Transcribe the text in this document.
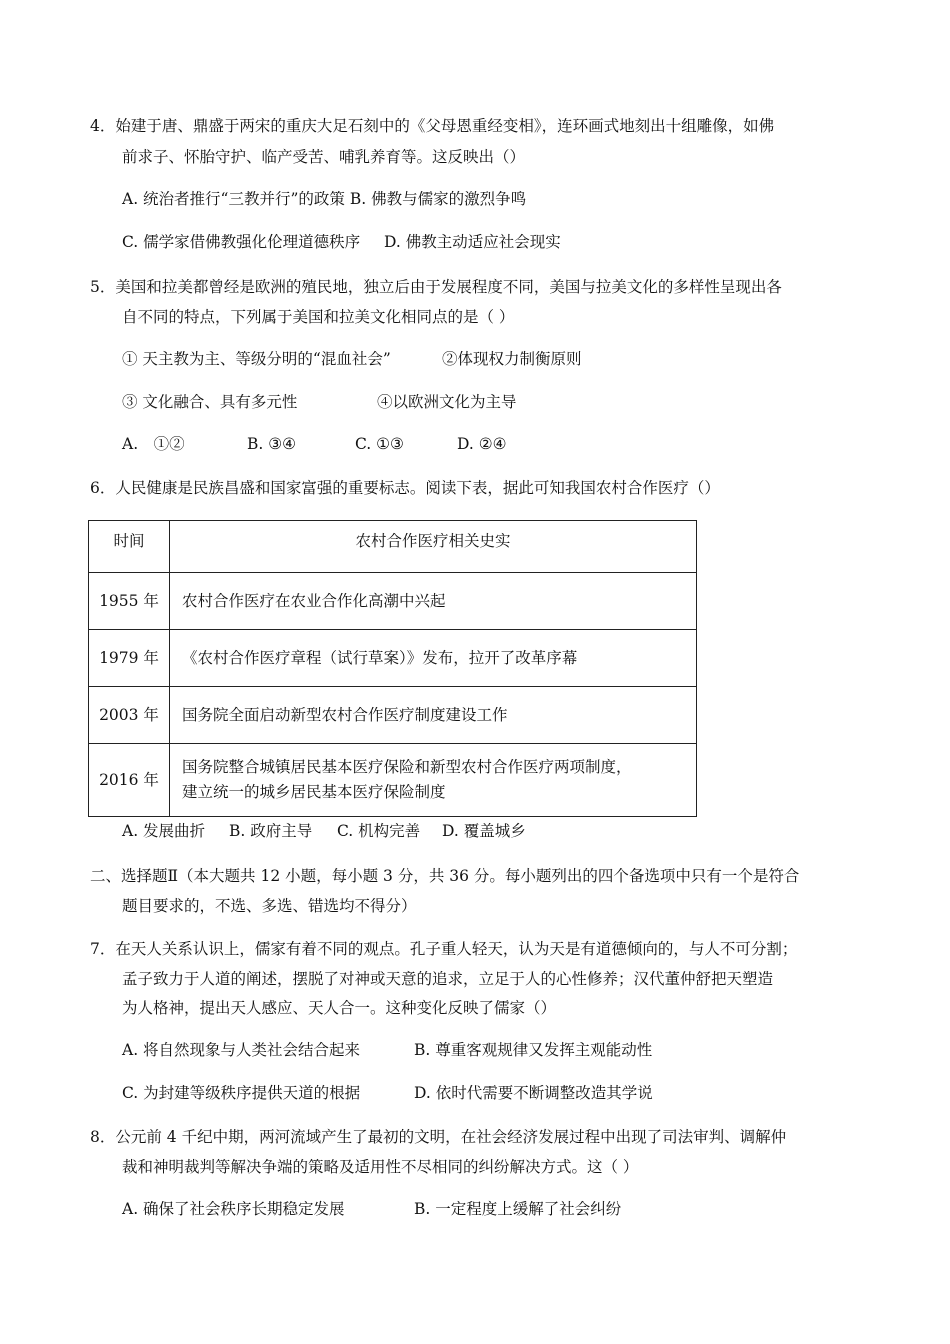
4．始建于唐、鼎盛于两宋的重庆大足石刻中的《父母恩重经变相》，连环画式地刻出十组雕像，如佛
前求子、怀胎守护、临产受苦、哺乳养育等。这反映出（）
A. 统治者推行“三教并行”的政策 B. 佛教与儒家的激烈争鸣
C. 儒学家借佛教强化伦理道德秩序 D. 佛教主动适应社会现实
5．美国和拉美都曾经是欧洲的殖民地，独立后由于发展程度不同，美国与拉美文化的多样性呈现出各
自不同的特点，下列属于美国和拉美文化相同点的是（ ）
① 天主教为主、等级分明的“混血社会”	②体现权力制衡原则
③ 文化融合、具有多元性	④以欧洲文化为主导
A.　①②	B. ③④	C. ①③	D. ②④
6．人民健康是民族昌盛和国家富强的重要标志。阅读下表，据此可知我国农村合作医疗（）
时间	农村合作医疗相关史实
1955 年	农村合作医疗在农业合作化高潮中兴起
1979 年	《农村合作医疗章程（试行草案）》发布，拉开了改革序幕
2003 年	国务院全面启动新型农村合作医疗制度建设工作
2016 年	国务院整合城镇居民基本医疗保险和新型农村合作医疗两项制度，
建立统一的城乡居民基本医疗保险制度
A. 发展曲折 B. 政府主导 C. 机构完善 D. 覆盖城乡
二、选择题Ⅱ（本大题共 12 小题，每小题 3 分，共 36 分。每小题列出的四个备选项中只有一个是符合
题目要求的，不选、多选、错选均不得分）
7．在天人关系认识上，儒家有着不同的观点。孔子重人轻天，认为天是有道德倾向的，与人不可分割；
孟子致力于人道的阐述，摆脱了对神或天意的追求，立足于人的心性修养；汉代董仲舒把天塑造
为人格神，提出天人感应、天人合一。这种变化反映了儒家（）
A. 将自然现象与人类社会结合起来	B. 尊重客观规律又发挥主观能动性
C. 为封建等级秩序提供天道的根据	D. 依时代需要不断调整改造其学说
8．公元前 4 千纪中期，两河流域产生了最初的文明，在社会经济发展过程中出现了司法审判、调解仲
裁和神明裁判等解决争端的策略及适用性不尽相同的纠纷解决方式。这（ ）
A. 确保了社会秩序长期稳定发展	B. 一定程度上缓解了社会纠纷
